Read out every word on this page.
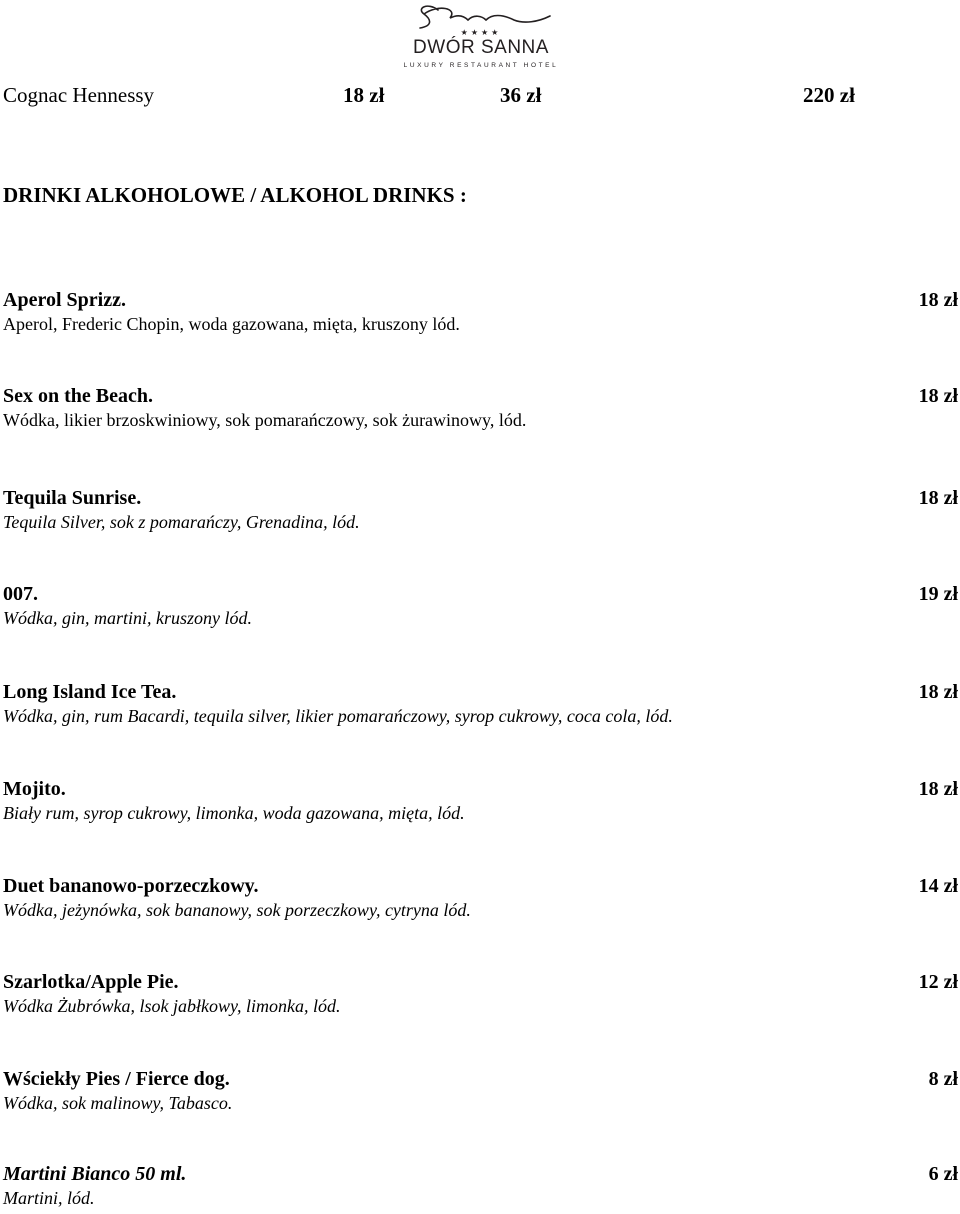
★★★★
DWÓR SANNA
LUXURY RESTAURANT HOTEL
Cognac Hennessy	18 zł	36 zł	220 zł
DRINKI ALKOHOLOWE / ALKOHOL DRINKS :
Aperol Sprizz.
Aperol, Frederic Chopin, woda gazowana, mięta, kruszony lód.
18 zł
Sex on the Beach.
Wódka, likier brzoskwiniowy, sok pomarańczowy, sok żurawinowy, lód.
18 zł
Tequila Sunrise.
Tequila Silver, sok z pomarańczy, Grenadina, lód.
18 zł
007.
Wódka, gin, martini, kruszony lód.
19 zł
Long Island Ice Tea.
Wódka, gin, rum Bacardi, tequila silver, likier pomarańczowy, syrop cukrowy, coca cola, lód.
18 zł
Mojito.
Biały rum, syrop cukrowy, limonka, woda gazowana, mięta, lód.
18 zł
Duet bananowo-porzeczkowy.
Wódka, jeżynówka, sok bananowy, sok porzeczkowy, cytryna lód.
14 zł
Szarlotka/Apple Pie.
Wódka Żubrówka, lsok jabłkowy, limonka, lód.
12 zł
Wściekły Pies / Fierce dog.
Wódka, sok malinowy, Tabasco.
8 zł
Martini Bianco 50 ml.
Martini, lód.
6 zł
